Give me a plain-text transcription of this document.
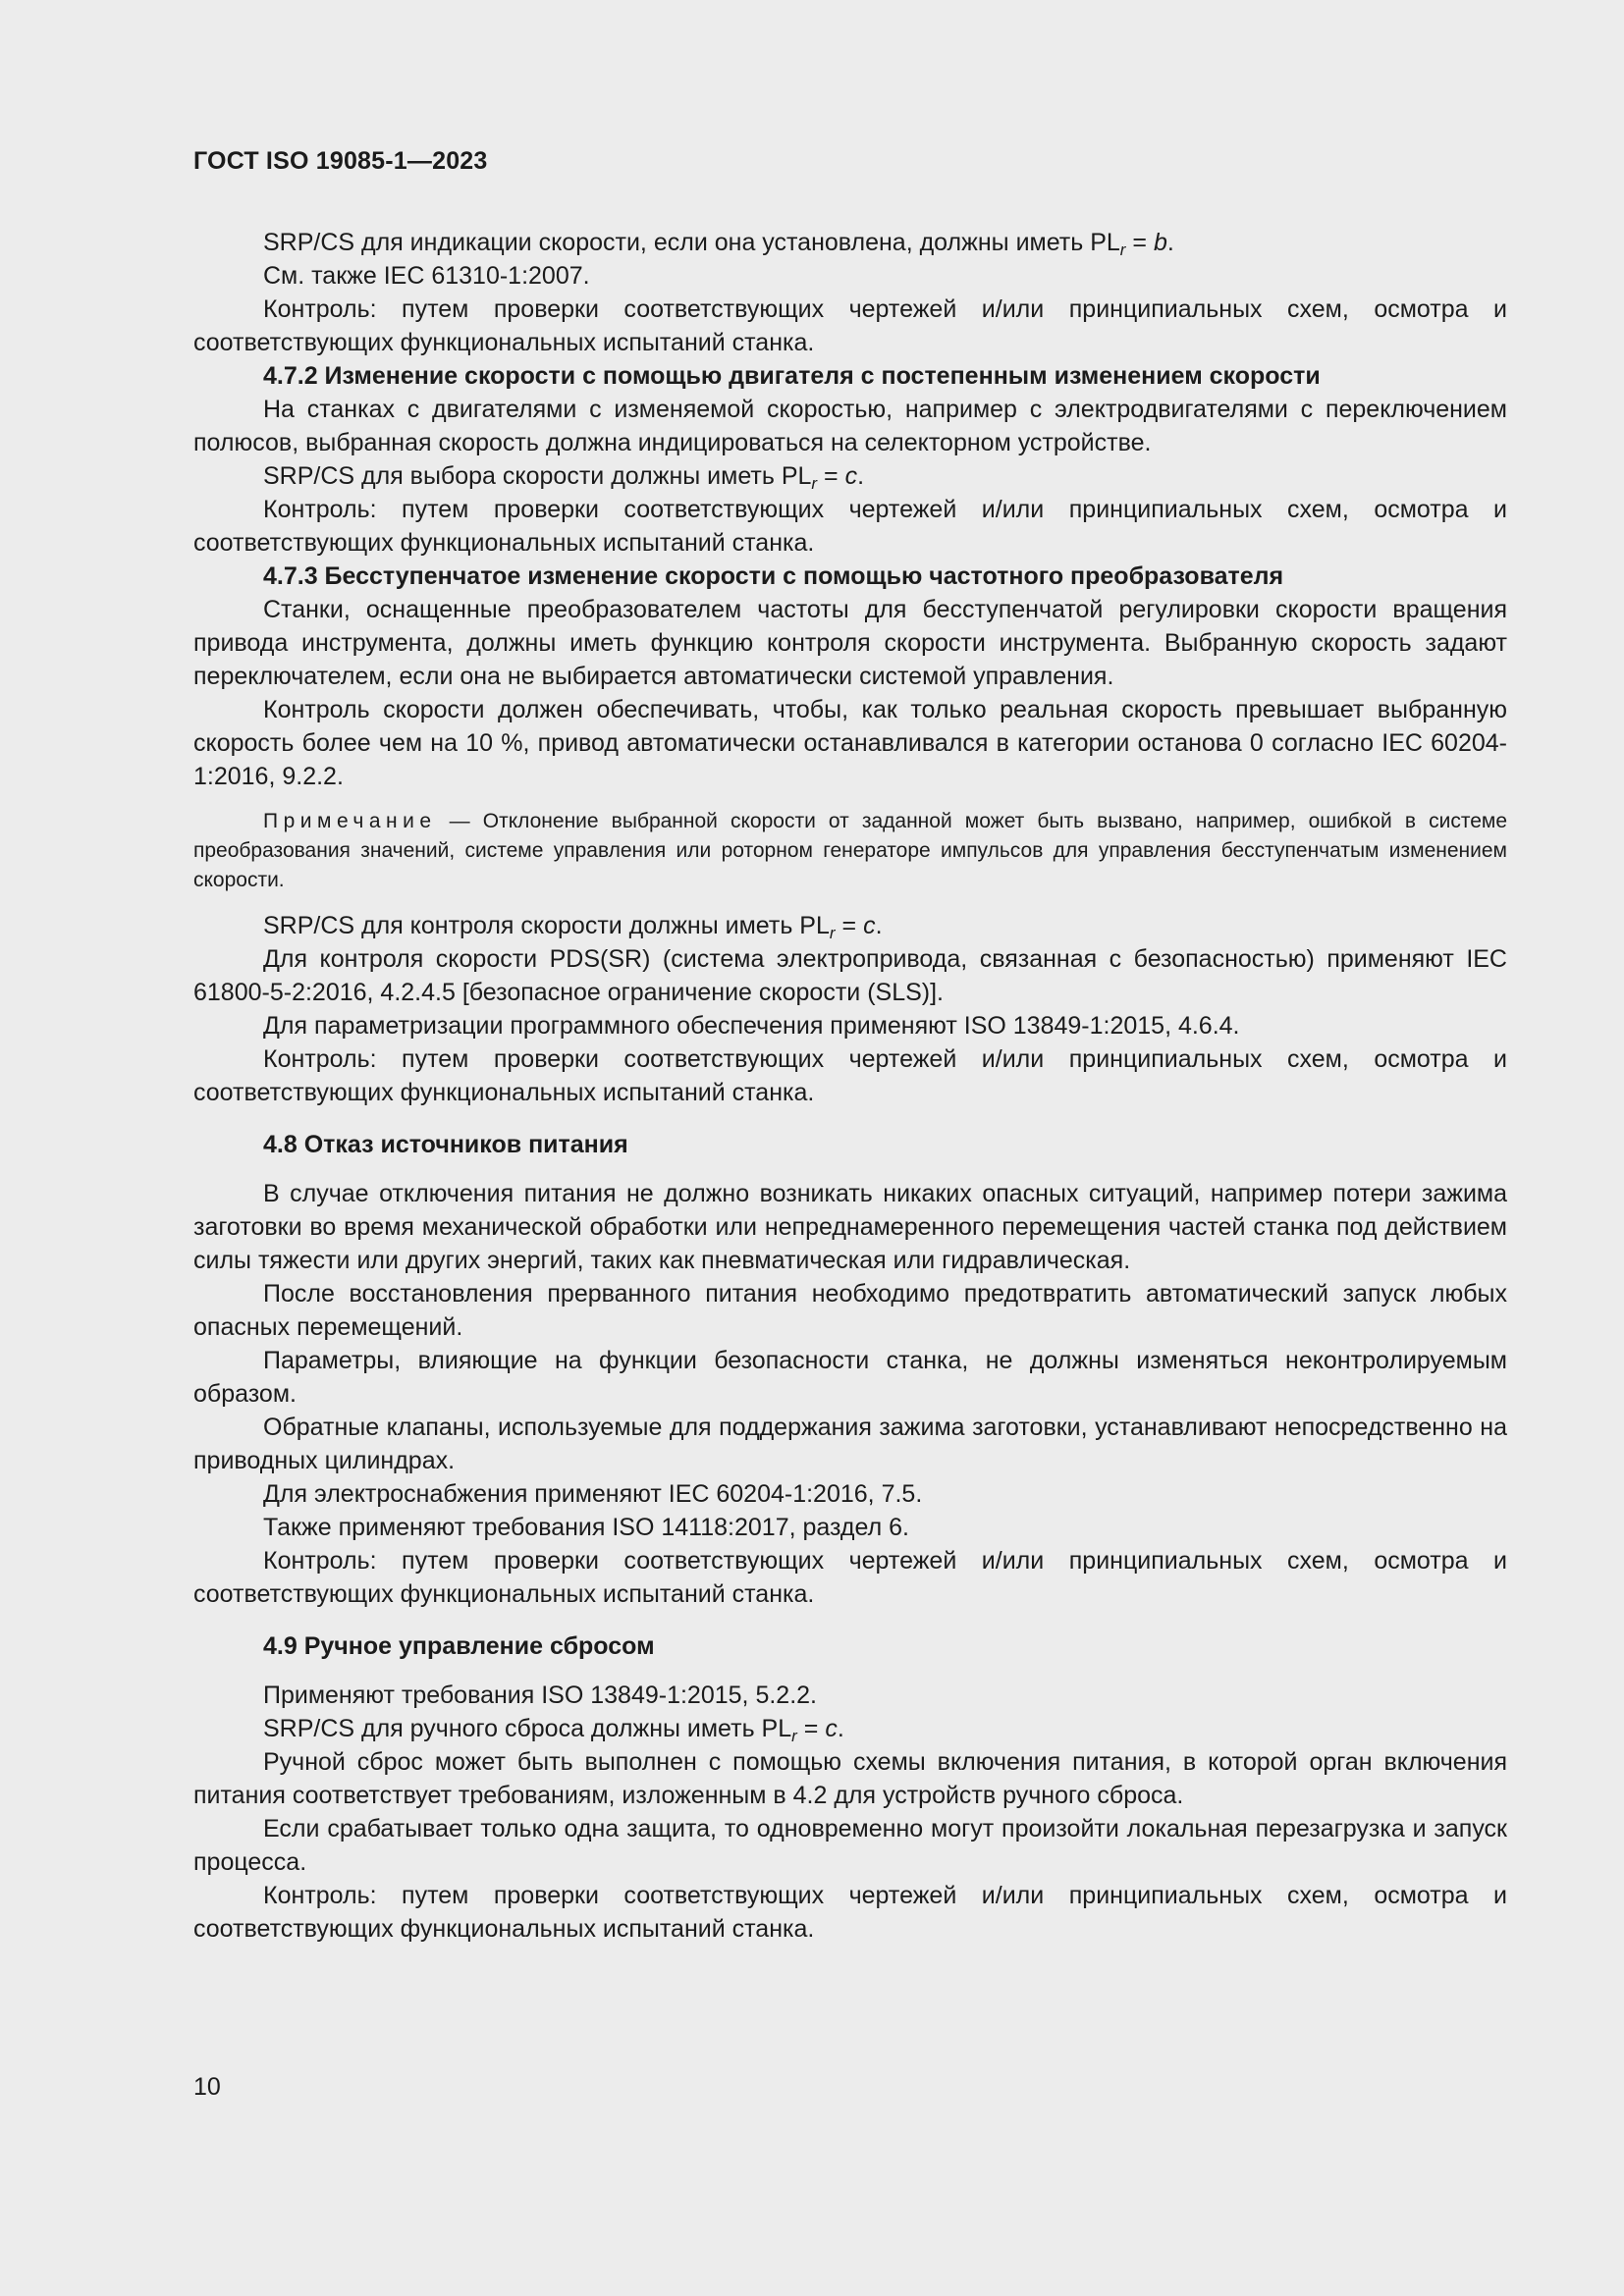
ГОСТ ISO 19085-1—2023

SRP/CS для индикации скорости, если она установлена, должны иметь $PL_r = b$.

См. также IEC 61310-1:2007.

Контроль: путем проверки соответствующих чертежей и/или принципиальных схем, осмотра и соответствующих функциональных испытаний станка.

4.7.2 Изменение скорости с помощью двигателя с постепенным изменением скорости

На станках с двигателями с изменяемой скоростью, например с электродвигателями с переключением полюсов, выбранная скорость должна индицироваться на селекторном устройстве.

SRP/CS для выбора скорости должны иметь $PL_r = c$.

Контроль: путем проверки соответствующих чертежей и/или принципиальных схем, осмотра и соответствующих функциональных испытаний станка.

4.7.3 Бесступенчатое изменение скорости с помощью частотного преобразователя

Станки, оснащенные преобразователем частоты для бесступенчатой регулировки скорости вращения привода инструмента, должны иметь функцию контроля скорости инструмента. Выбранную скорость задают переключателем, если она не выбирается автоматически системой управления.

Контроль скорости должен обеспечивать, чтобы, как только реальная скорость превышает выбранную скорость более чем на 10 %, привод автоматически останавливался в категории останова 0 согласно IEC 60204-1:2016, 9.2.2.

Примечание — Отклонение выбранной скорости от заданной может быть вызвано, например, ошибкой в системе преобразования значений, системе управления или роторном генераторе импульсов для управления бесступенчатым изменением скорости.

SRP/CS для контроля скорости должны иметь $PL_r = c$.

Для контроля скорости PDS(SR) (система электропривода, связанная с безопасностью) применяют IEC 61800-5-2:2016, 4.2.4.5 [безопасное ограничение скорости (SLS)].

Для параметризации программного обеспечения применяют ISO 13849-1:2015, 4.6.4.

Контроль: путем проверки соответствующих чертежей и/или принципиальных схем, осмотра и соответствующих функциональных испытаний станка.

4.8 Отказ источников питания

В случае отключения питания не должно возникать никаких опасных ситуаций, например потери зажима заготовки во время механической обработки или непреднамеренного перемещения частей станка под действием силы тяжести или других энергий, таких как пневматическая или гидравлическая.

После восстановления прерванного питания необходимо предотвратить автоматический запуск любых опасных перемещений.

Параметры, влияющие на функции безопасности станка, не должны изменяться неконтролируемым образом.

Обратные клапаны, используемые для поддержания зажима заготовки, устанавливают непосредственно на приводных цилиндрах.

Для электроснабжения применяют IEC 60204-1:2016, 7.5.

Также применяют требования ISO 14118:2017, раздел 6.

Контроль: путем проверки соответствующих чертежей и/или принципиальных схем, осмотра и соответствующих функциональных испытаний станка.

4.9 Ручное управление сбросом

Применяют требования ISO 13849-1:2015, 5.2.2.

SRP/CS для ручного сброса должны иметь $PL_r = c$.

Ручной сброс может быть выполнен с помощью схемы включения питания, в которой орган включения питания соответствует требованиям, изложенным в 4.2 для устройств ручного сброса.

Если срабатывает только одна защита, то одновременно могут произойти локальная перезагрузка и запуск процесса.

Контроль: путем проверки соответствующих чертежей и/или принципиальных схем, осмотра и соответствующих функциональных испытаний станка.

10
